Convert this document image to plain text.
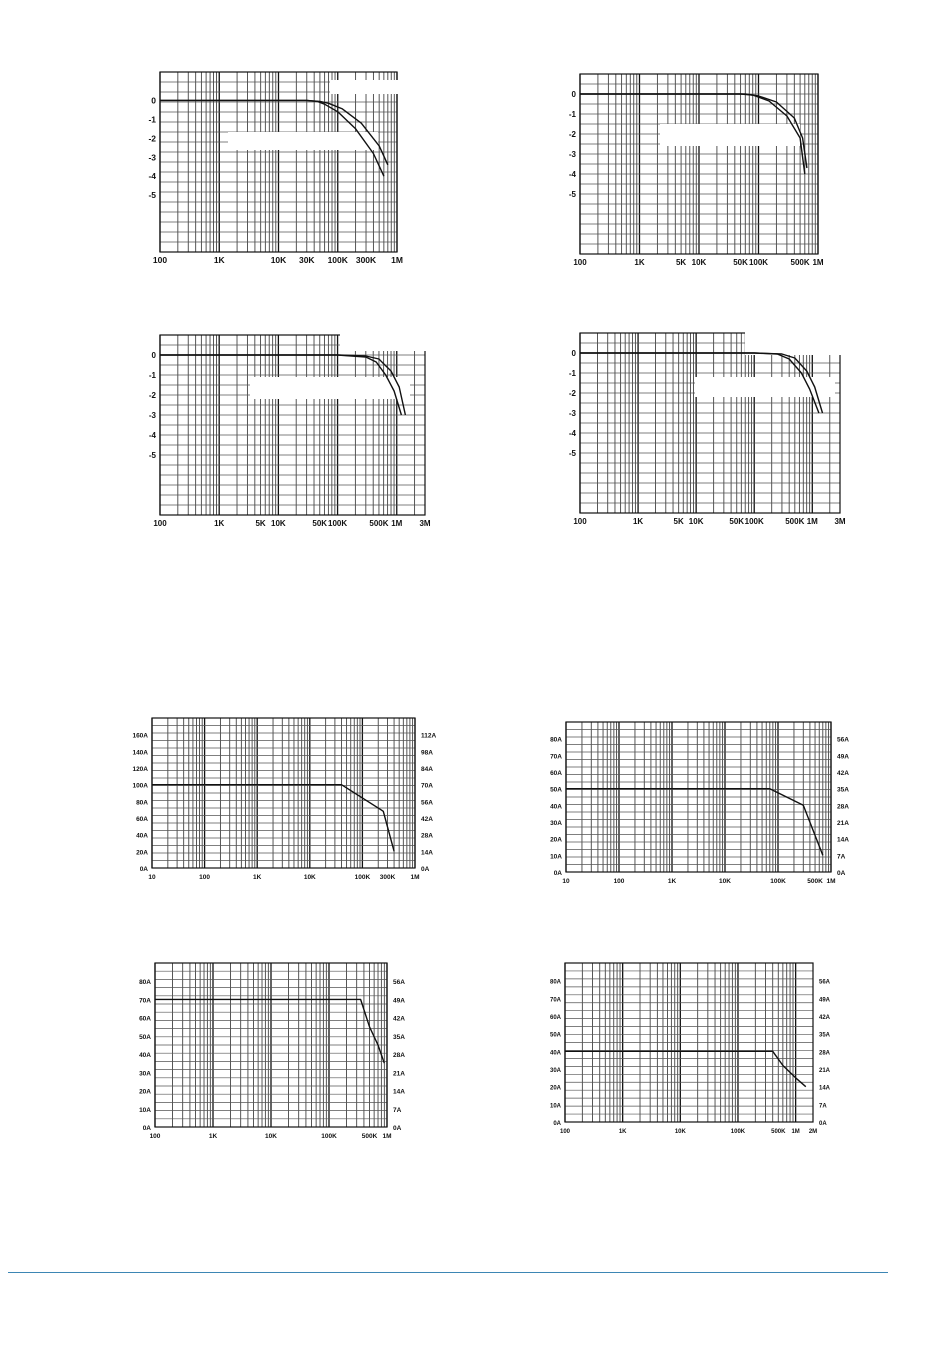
100	1K	10K 30K 100K 300K 1M
0
-1
-2
-3
-4
-5
100	1K	5K 10K	50K 100K	500K 1M
0
-1
-2
-3
-4
-5
100	1K	5K 10K	50K 100K	500K 1M 3M
0
-1
-2
-3
-4
-5
100	1K	5K 10K	50K 100K	500K 1M 3M
0
-1
-2
-3
-4
-5
10	100	1K	10K	100K 300K 1M
0A
20A
40A
60A
80A
100A
120A
140A
160A
0A
14A
28A
42A
56A
70A
84A
98A
112A
10	100	1K	10K	100K	500K 1M
0A
10A
20A
30A
40A
50A
60A
70A
80A
0A
7A
14A
21A
28A
35A
42A
49A
56A
100	1K	10K	100K	500K 1M
0A
10A
20A
30A
40A
50A
60A
70A
80A
0A
7A
14A
21A
28A
35A
42A
49A
56A
100	1K	10K	100K	500K 1M 2M
0A
10A
20A
30A
40A
50A
60A
70A
80A
0A
7A
14A
21A
28A
35A
42A
49A
56A
